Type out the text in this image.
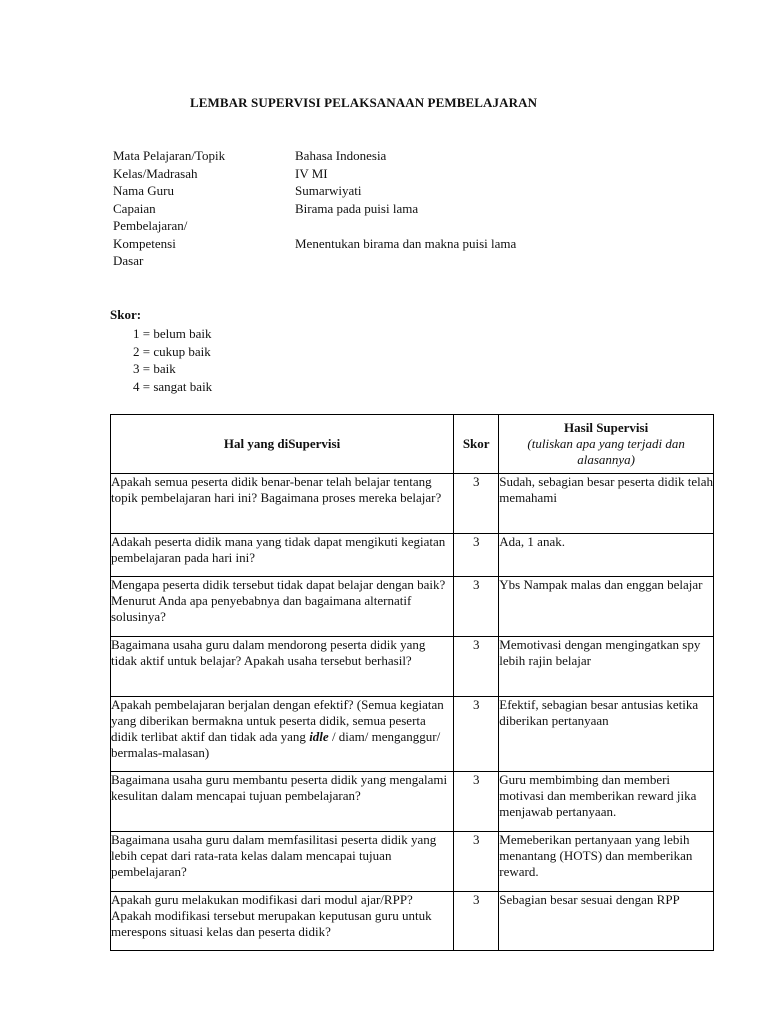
LEMBAR SUPERVISI PELAKSANAAN PEMBELAJARAN
Mata Pelajaran/Topik	Bahasa Indonesia
Kelas/Madrasah	IV MI
Nama Guru	Sumarwiyati
Capaian	Birama pada puisi lama
Pembelajaran/
Kompetensi	Menentukan birama dan makna puisi lama
Dasar
Skor:
1 = belum baik
2 = cukup baik
3 = baik
4 = sangat baik
Hal yang diSupervisi	Skor	Hasil Supervisi
(tuliskan apa yang terjadi dan alasannya)

Apakah semua peserta didik benar-benar telah belajar tentang topik pembelajaran hari ini? Bagaimana proses mereka belajar?	3	Sudah, sebagian besar peserta didik telah memahami
Adakah peserta didik mana yang tidak dapat mengikuti kegiatan pembelajaran pada hari ini?	3	Ada, 1 anak.
Mengapa peserta didik tersebut tidak dapat belajar dengan baik? Menurut Anda apa penyebabnya dan bagaimana alternatif solusinya?	3	Ybs Nampak malas dan enggan belajar
Bagaimana usaha guru dalam mendorong peserta didik yang tidak aktif untuk belajar? Apakah usaha tersebut berhasil?	3	Memotivasi dengan mengingatkan spy lebih rajin belajar
Apakah pembelajaran berjalan dengan efektif? (Semua kegiatan yang diberikan bermakna untuk peserta didik, semua peserta didik terlibat aktif dan tidak ada yang idle / diam/ menganggur/ bermalas-malasan)	3	Efektif, sebagian besar antusias ketika diberikan pertanyaan
Bagaimana usaha guru membantu peserta didik yang mengalami kesulitan dalam mencapai tujuan pembelajaran?	3	Guru membimbing dan memberi motivasi dan memberikan reward jika menjawab pertanyaan.
Bagaimana usaha guru dalam memfasilitasi peserta didik yang lebih cepat dari rata-rata kelas dalam mencapai tujuan pembelajaran?	3	Memeberikan pertanyaan yang lebih menantang (HOTS) dan memberikan reward.
Apakah guru melakukan modifikasi dari modul ajar/RPP? Apakah modifikasi tersebut merupakan keputusan guru untuk merespons situasi kelas dan peserta didik?	3	Sebagian besar sesuai dengan RPP
